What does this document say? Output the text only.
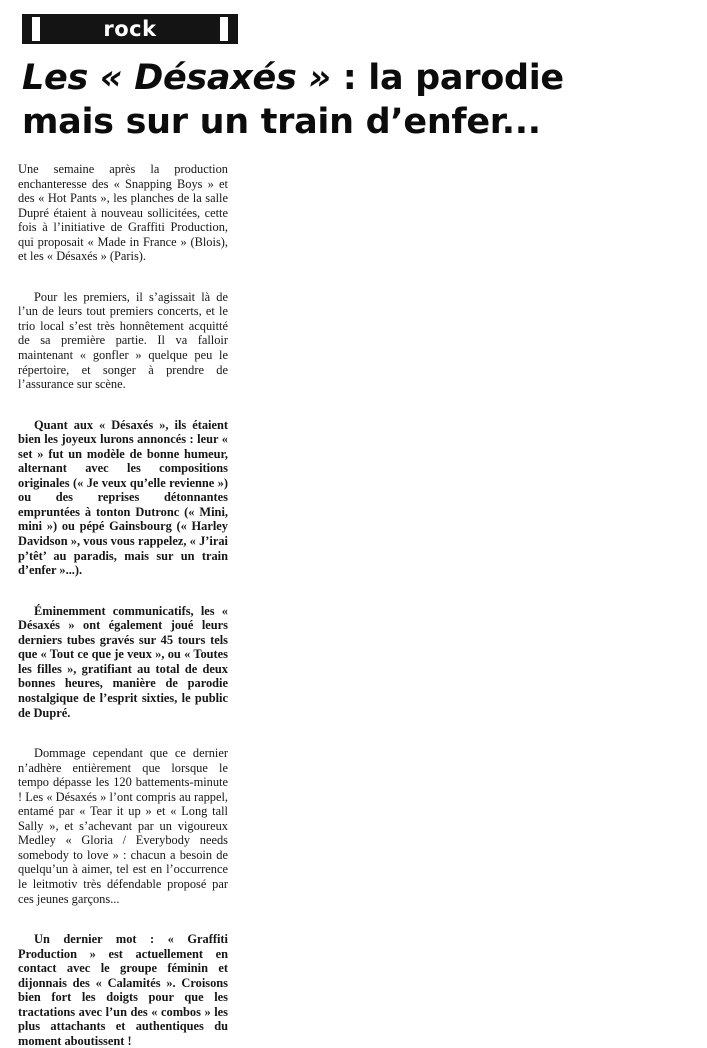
rock
Les « Désaxés » : la parodie
mais sur un train d’enfer...

Une semaine après la production enchanteresse des « Snapping Boys » et des « Hot Pants », les planches de la salle Dupré étaient à nouveau sollicitées, cette fois à l’initiative de Graffiti Production, qui proposait « Made in France » (Blois), et les « Désaxés » (Paris).

Pour les premiers, il s’agissait là de l’un de leurs tout premiers concerts, et le trio local s’est très honnêtement acquitté de sa première partie. Il va falloir maintenant « gonfler » quelque peu le répertoire, et songer à prendre de l’assurance sur scène.

Quant aux « Désaxés », ils étaient bien les joyeux lurons annoncés : leur « set » fut un modèle de bonne humeur, alternant avec les compositions originales (« Je veux qu’elle revienne ») ou des reprises détonnantes empruntées à tonton Dutronc (« Mini, mini ») ou pépé Gainsbourg (« Harley Davidson », vous vous rappelez, « J’irai p’têt’ au paradis, mais sur un train d’enfer »...).

Éminemment communicatifs, les « Désaxés » ont également joué leurs derniers tubes gravés sur 45 tours tels que « Tout ce que je veux », ou « Toutes les filles », gratifiant au total de deux bonnes heures, manière de parodie nostalgique de l’esprit sixties, le public de Dupré.

Dommage cependant que ce dernier n’adhère entièrement que lorsque le tempo dépasse les 120 battements-minute ! Les « Désaxés » l’ont compris au rappel, entamé par « Tear it up » et « Long tall Sally », et s’achevant par un vigoureux Medley « Gloria / Everybody needs somebody to love » : chacun a besoin de quelqu’un à aimer, tel est en l’occurrence le leitmotiv très défendable proposé par ces jeunes garçons...

Un dernier mot : « Graffiti Production » est actuellement en contact avec le groupe féminin et dijonnais des « Calamités ». Croisons bien fort les doigts pour que les tractations avec l’un des « combos » les plus attachants et authentiques du moment aboutissent !
